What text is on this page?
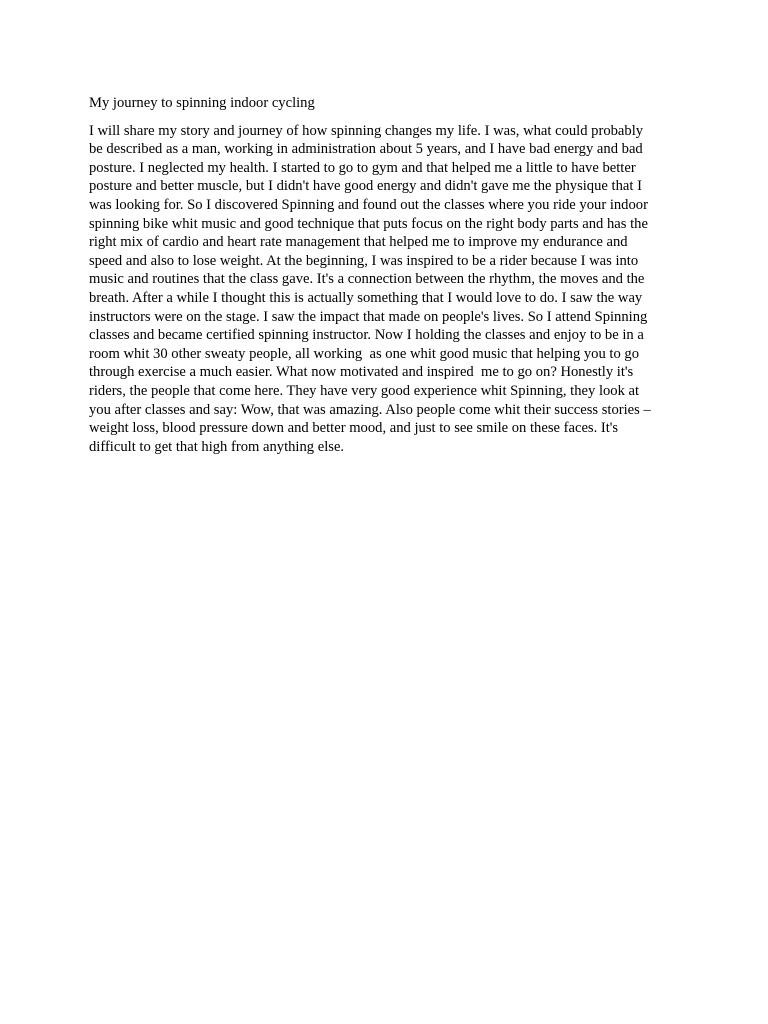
My journey to spinning indoor cycling
I will share my story and journey of how spinning changes my life. I was, what could probably
be described as a man, working in administration about 5 years, and I have bad energy and bad
posture. I neglected my health. I started to go to gym and that helped me a little to have better
posture and better muscle, but I didn't have good energy and didn't gave me the physique that I
was looking for. So I discovered Spinning and found out the classes where you ride your indoor
spinning bike whit music and good technique that puts focus on the right body parts and has the
right mix of cardio and heart rate management that helped me to improve my endurance and
speed and also to lose weight. At the beginning, I was inspired to be a rider because I was into
music and routines that the class gave. It's a connection between the rhythm, the moves and the
breath. After a while I thought this is actually something that I would love to do. I saw the way
instructors were on the stage. I saw the impact that made on people's lives. So I attend Spinning
classes and became certified spinning instructor. Now I holding the classes and enjoy to be in a
room whit 30 other sweaty people, all working  as one whit good music that helping you to go
through exercise a much easier. What now motivated and inspired  me to go on? Honestly it's
riders, the people that come here. They have very good experience whit Spinning, they look at
you after classes and say: Wow, that was amazing. Also people come whit their success stories –
weight loss, blood pressure down and better mood, and just to see smile on these faces. It's
difficult to get that high from anything else.
